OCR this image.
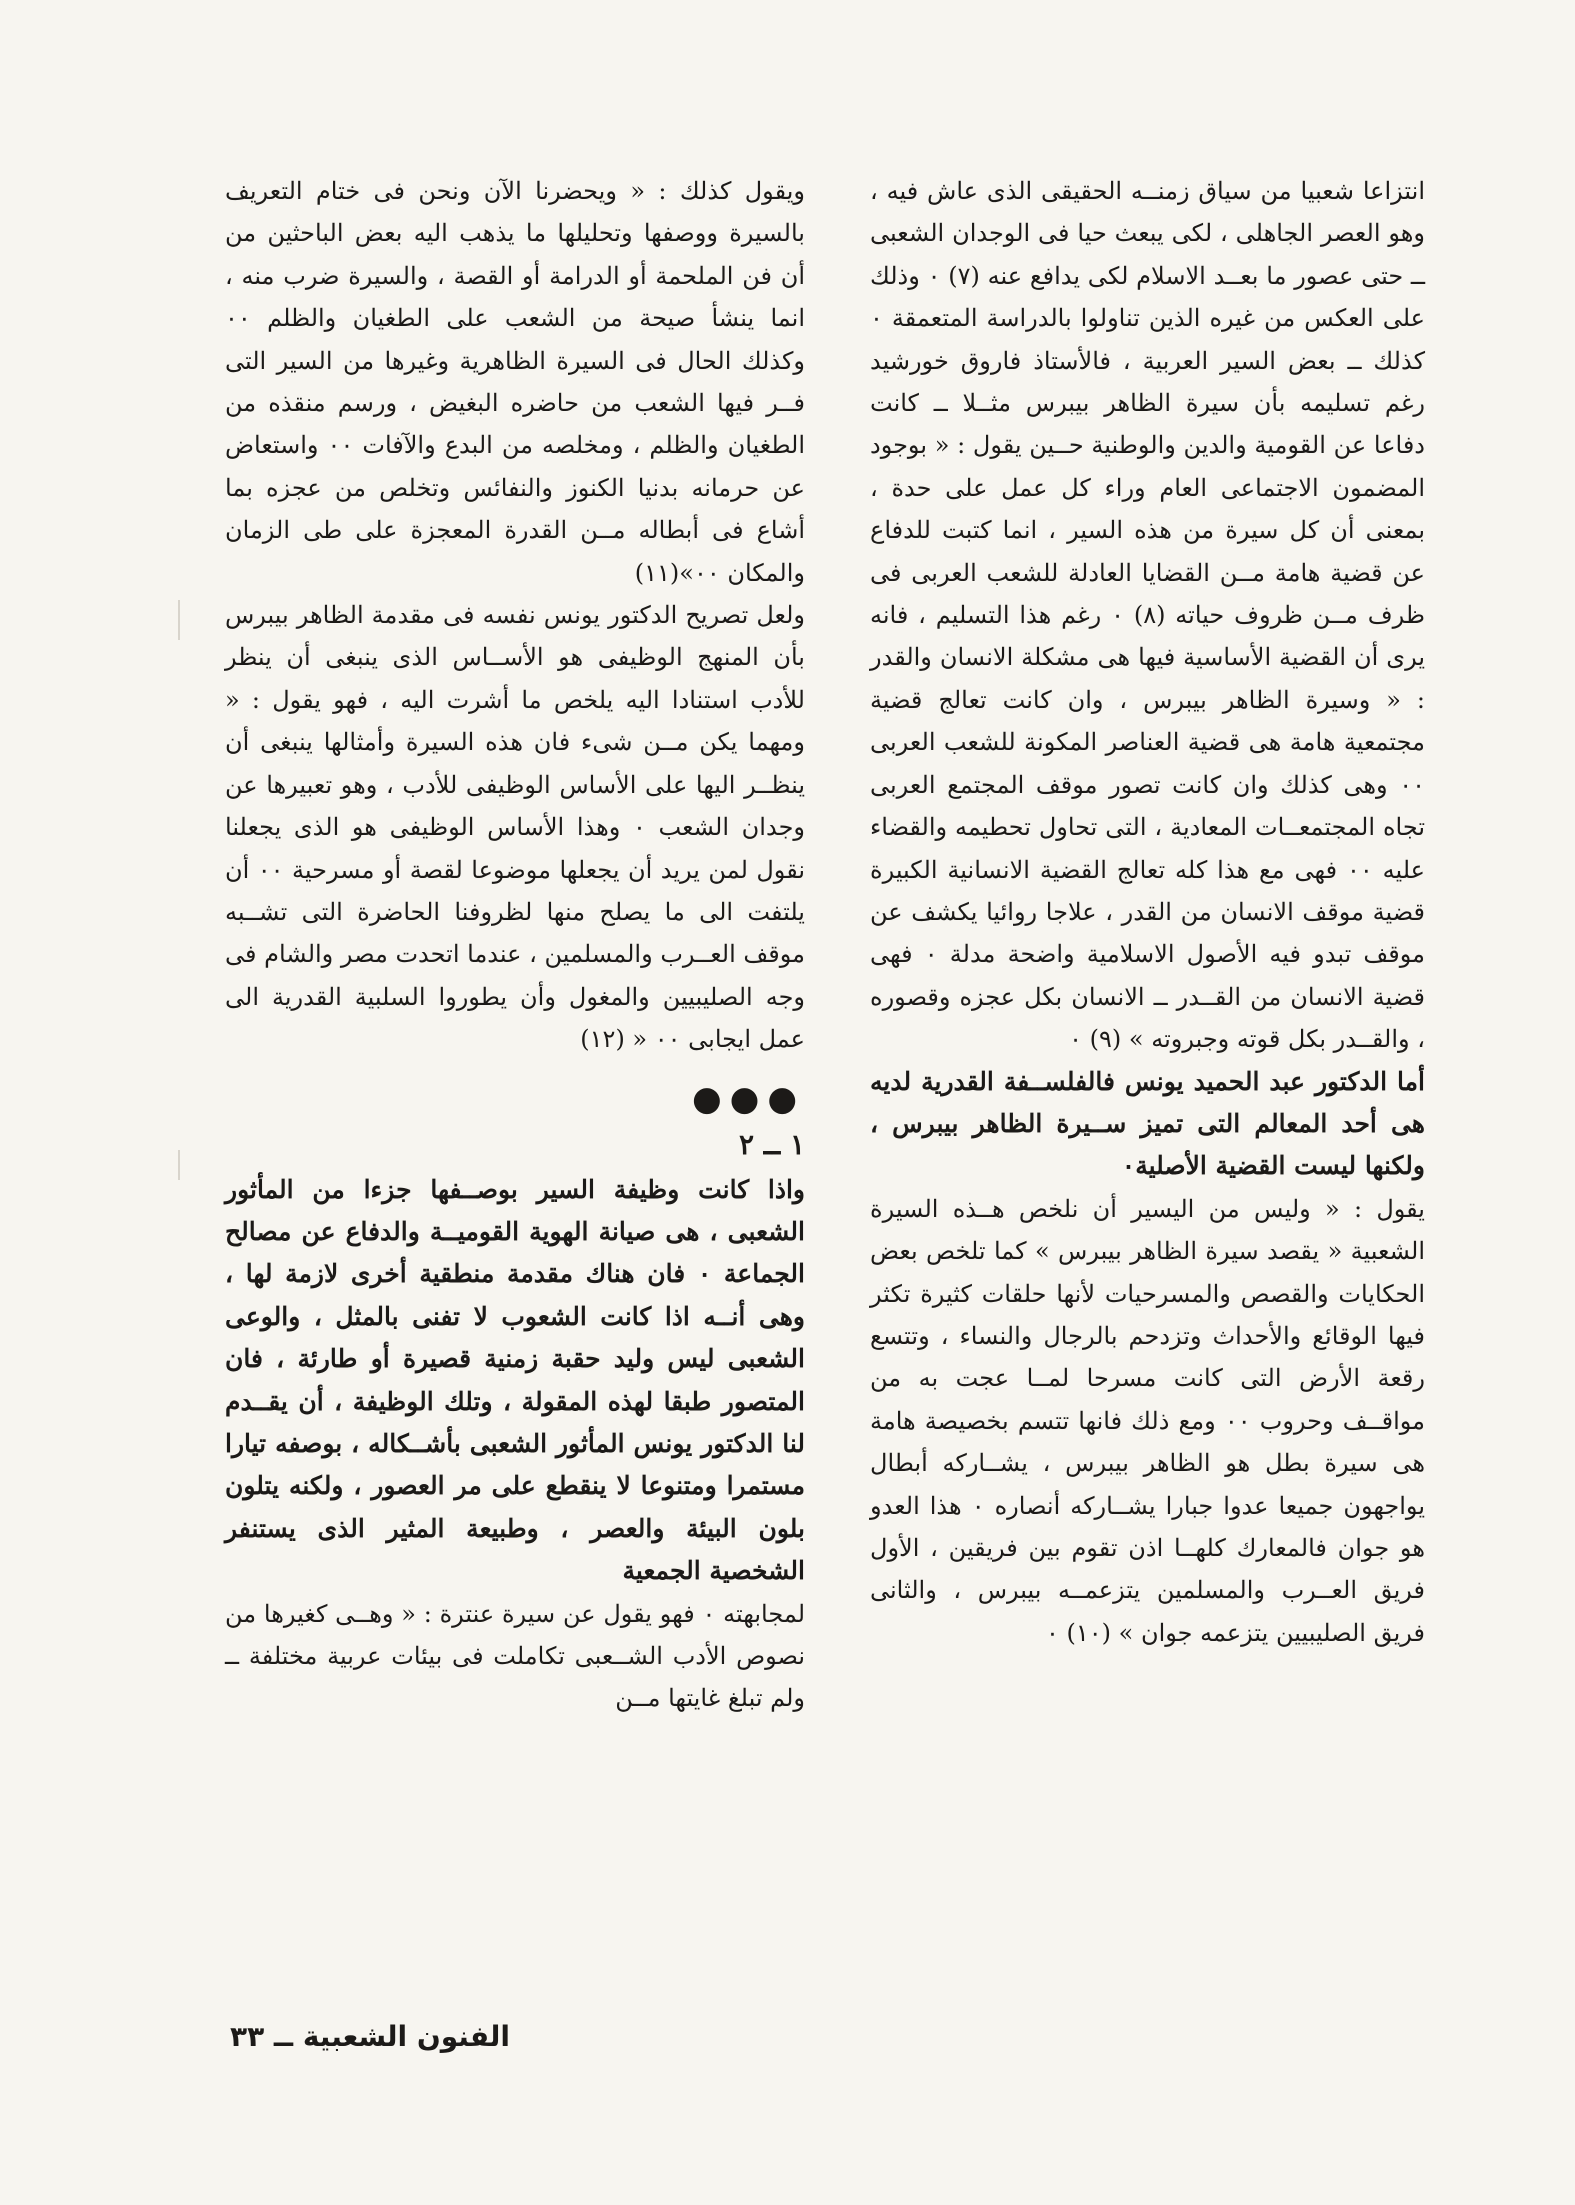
انتزاعا شعبيا من سياق زمنــه الحقيقى الذى عاش فيه ، وهو العصر الجاهلى ، لكى يبعث حيا فى الوجدان الشعبى ــ حتى عصور ما بعــد الاسلام لكى يدافع عنه (٧) ٠ وذلك على العكس من غيره الذين تناولوا بالدراسة المتعمقة ٠ كذلك ــ بعض السير العربية ، فالأستاذ فاروق خورشيد رغم تسليمه بأن سيرة الظاهر بيبرس مثــلا ــ كانت دفاعا عن القومية والدين والوطنية حــين يقول : « بوجود المضمون الاجتماعى العام وراء كل عمل على حدة ، بمعنى أن كل سيرة من هذه السير ، انما كتبت للدفاع عن قضية هامة مــن القضايا العادلة للشعب العربى فى ظرف مــن ظروف حياته (٨) ٠ رغم هذا التسليم ، فانه يرى أن القضية الأساسية فيها هى مشكلة الانسان والقدر : « وسيرة الظاهر بيبرس ، وان كانت تعالج قضية مجتمعية هامة هى قضية العناصر المكونة للشعب العربى ٠٠ وهى كذلك وان كانت تصور موقف المجتمع العربى تجاه المجتمعــات المعادية ، التى تحاول تحطيمه والقضاء عليه ٠٠ فهى مع هذا كله تعالج القضية الانسانية الكبيرة قضية موقف الانسان من القدر ، علاجا روائيا يكشف عن موقف تبدو فيه الأصول الاسلامية واضحة مدلة ٠ فهى قضية الانسان من القــدر ــ الانسان بكل عجزه وقصوره ، والقــدر بكل قوته وجبروته » (٩) ٠

أما الدكتور عبد الحميد يونس فالفلســفة القدرية لديه هى أحد المعالم التى تميز ســيرة الظاهر بيبرس ، ولكنها ليست القضية الأصلية٠

يقول : « وليس من اليسير أن نلخص هــذه السيرة الشعبية « يقصد سيرة الظاهر بيبرس » كما تلخص بعض الحكايات والقصص والمسرحيات لأنها حلقات كثيرة تكثر فيها الوقائع والأحداث وتزدحم بالرجال والنساء ، وتتسع رقعة الأرض التى كانت مسرحا لمــا عجت به من مواقــف وحروب ٠٠ ومع ذلك فانها تتسم بخصيصة هامة هى سيرة بطل هو الظاهر بيبرس ، يشــاركه أبطال يواجهون جميعا عدوا جبارا يشــاركه أنصاره ٠ هذا العدو هو جوان فالمعارك كلهــا اذن تقوم بين فريقين ، الأول فريق العــرب والمسلمين يتزعمــه بيبرس ، والثانى فريق الصليبيين يتزعمه جوان » (١٠) ٠

ويقول كذلك : « ويحضرنا الآن ونحن فى ختام التعريف بالسيرة ووصفها وتحليلها ما يذهب اليه بعض الباحثين من أن فن الملحمة أو الدرامة أو القصة ، والسيرة ضرب منه ، انما ينشأ صيحة من الشعب على الطغيان والظلم ٠٠ وكذلك الحال فى السيرة الظاهرية وغيرها من السير التى فــر فيها الشعب من حاضره البغيض ، ورسم منقذه من الطغيان والظلم ، ومخلصه من البدع والآفات ٠٠ واستعاض عن حرمانه بدنيا الكنوز والنفائس وتخلص من عجزه بما أشاع فى أبطاله مــن القدرة المعجزة على طى الزمان والمكان ٠٠»(١١)

ولعل تصريح الدكتور يونس نفسه فى مقدمة الظاهر بيبرس بأن المنهج الوظيفى هو الأســاس الذى ينبغى أن ينظر للأدب استنادا اليه يلخص ما أشرت اليه ، فهو يقول : « ومهما يكن مــن شىء فان هذه السيرة وأمثالها ينبغى أن ينظــر اليها على الأساس الوظيفى للأدب ، وهو تعبيرها عن وجدان الشعب ٠ وهذا الأساس الوظيفى هو الذى يجعلنا نقول لمن يريد أن يجعلها موضوعا لقصة أو مسرحية ٠٠ أن يلتفت الى ما يصلح منها لظروفنا الحاضرة التى تشــبه موقف العــرب والمسلمين ، عندما اتحدت مصر والشام فى وجه الصليبيين والمغول وأن يطوروا السلبية القدرية الى عمل ايجابى ٠٠ « (١٢)

●●●
١ ــ ٢

واذا كانت وظيفة السير بوصــفها جزءا من المأثور الشعبى ، هى صيانة الهوية القوميــة والدفاع عن مصالح الجماعة ٠ فان هناك مقدمة منطقية أخرى لازمة لها ، وهى أنــه اذا كانت الشعوب لا تفنى بالمثل ، والوعى الشعبى ليس وليد حقبة زمنية قصيرة أو طارئة ، فان المتصور طبقا لهذه المقولة ، وتلك الوظيفة ، أن يقــدم لنا الدكتور يونس المأثور الشعبى بأشــكاله ، بوصفه تيارا مستمرا ومتنوعا لا ينقطع على مر العصور ، ولكنه يتلون بلون البيئة والعصر ، وطبيعة المثير الذى يستنفر الشخصية الجمعية

لمجابهته ٠ فهو يقول عن سيرة عنترة : « وهــى كغيرها من نصوص الأدب الشــعبى تكاملت فى بيئات عربية مختلفة ــ ولم تبلغ غايتها مــن

الفنون الشعبية ــ ٣٣
